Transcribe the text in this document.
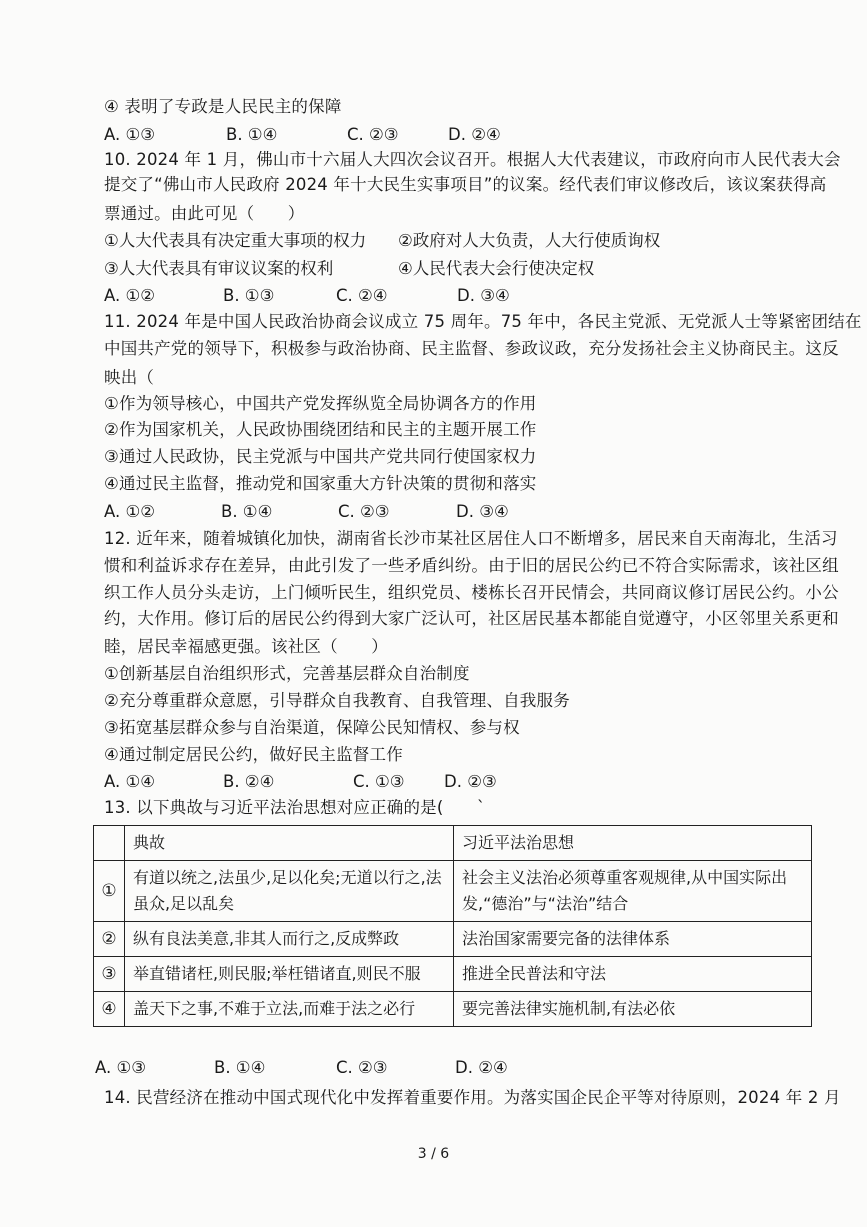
④ 表明了专政是人民民主的保障
A. ①③	B. ①④	C. ②③	D. ②④
10. 2024 年 1 月，佛山市十六届人大四次会议召开。根据人大代表建议，市政府向市人民代表大会
提交了“佛山市人民政府 2024 年十大民生实事项目”的议案。经代表们审议修改后，该议案获得高
票通过。由此可见（　　）
①人大代表具有决定重大事项的权力 ②政府对人大负责，人大行使质询权
③人大代表具有审议议案的权利	④人民代表大会行使决定权
A. ①②	B. ①③	C. ②④	D. ③④
11. 2024 年是中国人民政治协商会议成立 75 周年。75 年中，各民主党派、无党派人士等紧密团结在
中国共产党的领导下，积极参与政治协商、民主监督、参政议政，充分发扬社会主义协商民主。这反
映出（
①作为领导核心，中国共产党发挥纵览全局协调各方的作用
②作为国家机关，人民政协围绕团结和民主的主题开展工作
③通过人民政协，民主党派与中国共产党共同行使国家权力
④通过民主监督，推动党和国家重大方针决策的贯彻和落实
A. ①②	B. ①④	C. ②③	D. ③④
12. 近年来，随着城镇化加快，湖南省长沙市某社区居住人口不断增多，居民来自天南海北，生活习
惯和利益诉求存在差异，由此引发了一些矛盾纠纷。由于旧的居民公约已不符合实际需求，该社区组
织工作人员分头走访，上门倾听民生，组织党员、楼栋长召开民情会，共同商议修订居民公约。小公
约，大作用。修订后的居民公约得到大家广泛认可，社区居民基本都能自觉遵守，小区邻里关系更和
睦，居民幸福感更强。该社区（　　）
①创新基层自治组织形式，完善基层群众自治制度
②充分尊重群众意愿，引导群众自我教育、自我管理、自我服务
③拓宽基层群众参与自治渠道，保障公民知情权、参与权
④通过制定居民公约，做好民主监督工作
A. ①④	B. ②④	C. ①③ D. ②③
13. 以下典故与习近平法治思想对应正确的是(　　`
	典故	习近平法治思想
①	有道以统之,法虽少,足以化矣;无道以行之,法虽众,足以乱矣	社会主义法治必须尊重客观规律,从中国实际出发,“德治”与“法治”结合
②	纵有良法美意,非其人而行之,反成弊政	法治国家需要完备的法律体系
③	举直错诸枉,则民服;举枉错诸直,则民不服	推进全民普法和守法
④	盖天下之事,不难于立法,而难于法之必行	要完善法律实施机制,有法必依
A. ①③	B. ①④	C. ②③	D. ②④
14. 民营经济在推动中国式现代化中发挥着重要作用。为落实国企民企平等对待原则，2024 年 2 月
3 / 6
